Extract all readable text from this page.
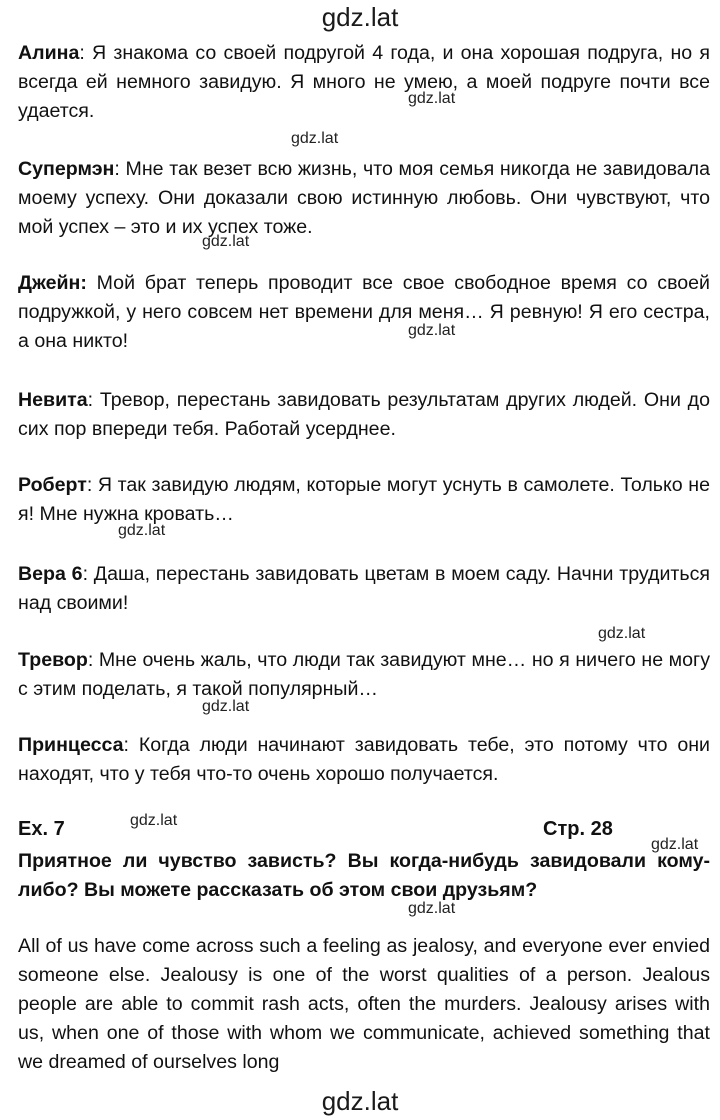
gdz.lat
Алина: Я знакома со своей подругой 4 года, и она хорошая подруга, но я всегда ей немного завидую. Я много не умею, а моей подруге почти все удается.
Супермэн: Мне так везет всю жизнь, что моя семья никогда не завидовала моему успеху. Они доказали свою истинную любовь. Они чувствуют, что мой успех – это и их успех тоже.
Джейн: Мой брат теперь проводит все свое свободное время со своей подружкой, у него совсем нет времени для меня… Я ревную! Я его сестра, а она никто!
Невита: Тревор, перестань завидовать результатам других людей. Они до сих пор впереди тебя. Работай усерднее.
Роберт: Я так завидую людям, которые могут уснуть в самолете. Только не я! Мне нужна кровать…
Вера 6: Даша, перестань завидовать цветам в моем саду. Начни трудиться над своими!
Тревор: Мне очень жаль, что люди так завидуют мне… но я ничего не могу с этим поделать, я такой популярный…
Принцесса: Когда люди начинают завидовать тебе, это потому что они находят, что у тебя что-то очень хорошо получается.
Ex. 7	Стр. 28
Приятное ли чувство зависть? Вы когда-нибудь завидовали кому-либо? Вы можете рассказать об этом свои друзьям?
All of us have come across such a feeling as jealosy, and everyone ever envied someone else. Jealousy is one of the worst qualities of a person. Jealous people are able to commit rash acts, often the murders. Jealousy arises with us, when one of those with whom we communicate, achieved something that we dreamed of ourselves long
gdz.lat
gdz.lat
gdz.lat
gdz.lat
gdz.lat
gdz.lat
gdz.lat
gdz.lat
gdz.lat
gdz.lat
gdz.lat
